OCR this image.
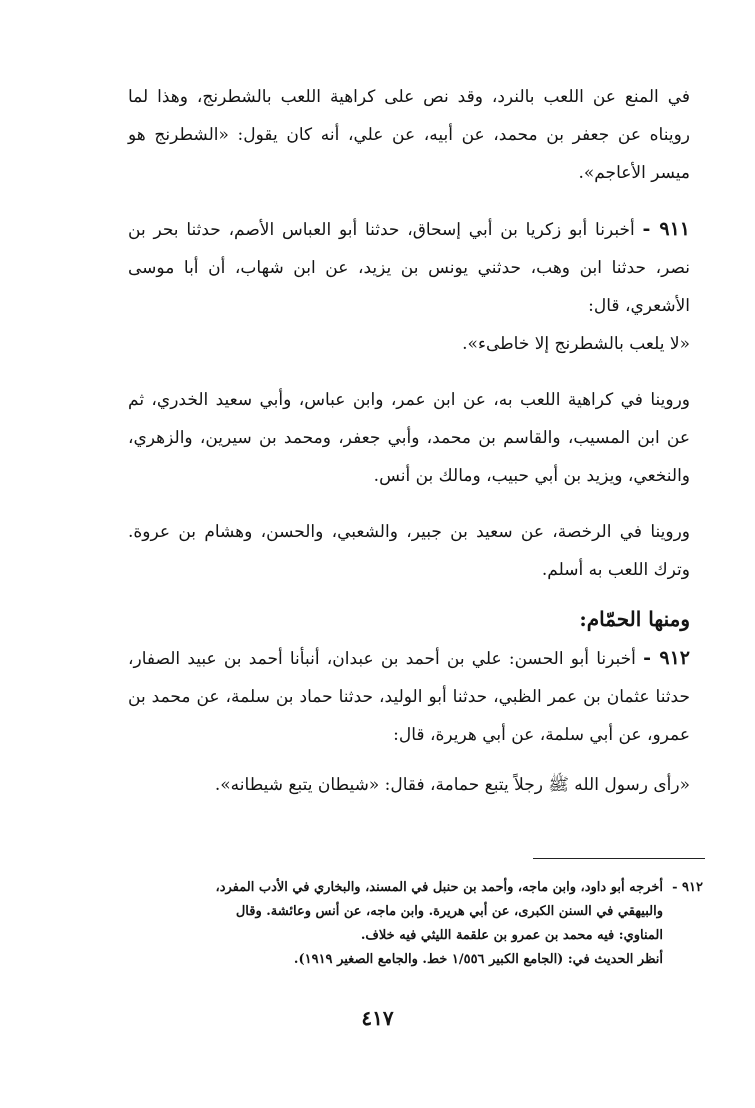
في المنع عن اللعب بالنرد، وقد نص على كراهية اللعب بالشطرنج، وهذا لما رويناه عن جعفر بن محمد، عن أبيه، عن علي، أنه كان يقول: «الشطرنج هو ميسر الأعاجم».

٩١١ - أخبرنا أبو زكريا بن أبي إسحاق، حدثنا أبو العباس الأصم، حدثنا بحر بن نصر، حدثنا ابن وهب، حدثني يونس بن يزيد، عن ابن شهاب، أن أبا موسى الأشعري، قال:

«لا يلعب بالشطرنج إلا خاطىء».

وروينا في كراهية اللعب به، عن ابن عمر، وابن عباس، وأبي سعيد الخدري، ثم عن ابن المسيب، والقاسم بن محمد، وأبي جعفر، ومحمد بن سيرين، والزهري، والنخعي، ويزيد بن أبي حبيب، ومالك بن أنس.

وروينا في الرخصة، عن سعيد بن جبير، والشعبي، والحسن، وهشام بن عروة. وترك اللعب به أسلم.

ومنها الحمّام:

٩١٢ - أخبرنا أبو الحسن: علي بن أحمد بن عبدان، أنبأنا أحمد بن عبيد الصفار، حدثنا عثمان بن عمر الظبي، حدثنا أبو الوليد، حدثنا حماد بن سلمة، عن محمد بن عمرو، عن أبي سلمة، عن أبي هريرة، قال:

«رأى رسول الله ﷺ رجلاً يتبع حمامة، فقال: «شيطان يتبع شيطانه».

٩١٢ -
أخرجه أبو داود، وابن ماجه، وأحمد بن حنبل في المسند، والبخاري في الأدب المفرد،
والبيهقي في السنن الكبرى، عن أبي هريرة. وابن ماجه، عن أنس وعائشة. وقال
المناوي: فيه محمد بن عمرو بن علقمة الليثي فيه خلاف.
أنظر الحديث في: (الجامع الكبير ١/٥٥٦ خط. والجامع الصغير ١٩١٩).
٤١٧
